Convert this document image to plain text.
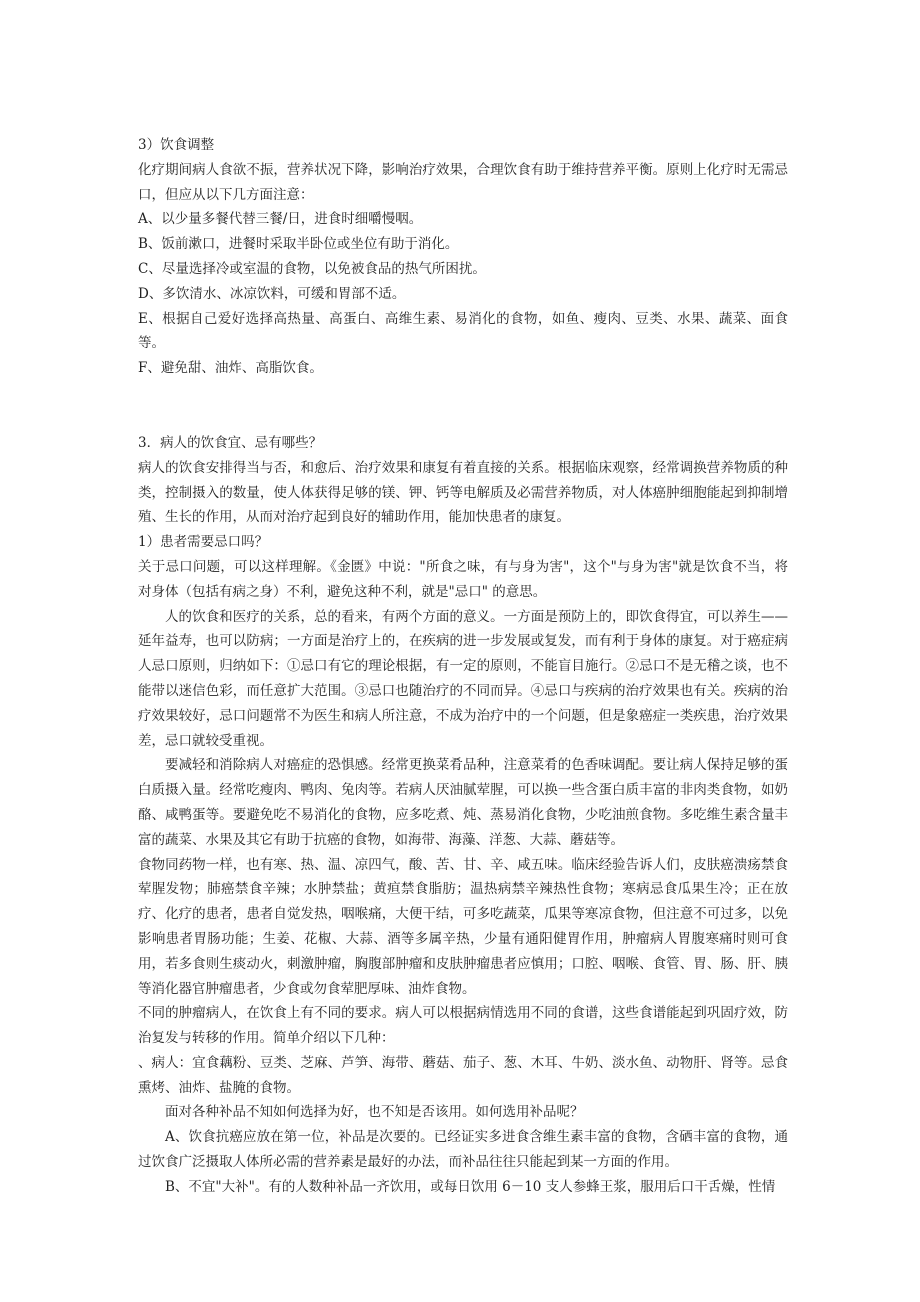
3）饮食调整

化疗期间病人食欲不振，营养状况下降，影响治疗效果，合理饮食有助于维持营养平衡。原则上化疗时无需忌口，但应从以下几方面注意：

A、以少量多餐代替三餐/日，进食时细嚼慢咽。

B、饭前漱口，进餐时采取半卧位或坐位有助于消化。

C、尽量选择冷或室温的食物，以免被食品的热气所困扰。

D、多饮清水、冰凉饮料，可缓和胃部不适。

E、根据自己爱好选择高热量、高蛋白、高维生素、易消化的食物，如鱼、瘦肉、豆类、水果、蔬菜、面食等。

F、避免甜、油炸、高脂饮食。

3．病人的饮食宜、忌有哪些？

病人的饮食安排得当与否，和愈后、治疗效果和康复有着直接的关系。根据临床观察，经常调换营养物质的种类，控制摄入的数量，使人体获得足够的镁、钾、钙等电解质及必需营养物质，对人体癌肿细胞能起到抑制增殖、生长的作用，从而对治疗起到良好的辅助作用，能加快患者的康复。

1）患者需要忌口吗？

关于忌口问题，可以这样理解。《金匮》中说："所食之味，有与身为害"，这个"与身为害"就是饮食不当，将对身体（包括有病之身）不利，避免这种不利，就是"忌口" 的意思。

人的饮食和医疗的关系，总的看来，有两个方面的意义。一方面是预防上的，即饮食得宜，可以养生——延年益寿，也可以防病；一方面是治疗上的，在疾病的进一步发展或复发，而有利于身体的康复。对于癌症病人忌口原则，归纳如下：①忌口有它的理论根据，有一定的原则，不能盲目施行。②忌口不是无稽之谈，也不能带以迷信色彩，而任意扩大范围。③忌口也随治疗的不同而异。④忌口与疾病的治疗效果也有关。疾病的治疗效果较好，忌口问题常不为医生和病人所注意，不成为治疗中的一个问题，但是象癌症一类疾患，治疗效果差，忌口就较受重视。

要减轻和消除病人对癌症的恐惧感。经常更换菜肴品种，注意菜肴的色香味调配。要让病人保持足够的蛋白质摄入量。经常吃瘦肉、鸭肉、兔肉等。若病人厌油腻荤腥，可以换一些含蛋白质丰富的非肉类食物，如奶酪、咸鸭蛋等。要避免吃不易消化的食物，应多吃煮、炖、蒸易消化食物，少吃油煎食物。多吃维生素含量丰富的蔬菜、水果及其它有助于抗癌的食物，如海带、海藻、洋葱、大蒜、蘑菇等。

食物同药物一样，也有寒、热、温、凉四气，酸、苦、甘、辛、咸五味。临床经验告诉人们，皮肤癌溃疡禁食荤腥发物；肺癌禁食辛辣；水肿禁盐；黄疸禁食脂肪；温热病禁辛辣热性食物；寒病忌食瓜果生冷；正在放疗、化疗的患者，患者自觉发热，咽喉痛，大便干结，可多吃蔬菜，瓜果等寒凉食物，但注意不可过多，以免影响患者胃肠功能；生姜、花椒、大蒜、酒等多属辛热，少量有通阳健胃作用，肿瘤病人胃腹寒痛时则可食用，若多食则生痰动火，刺激肿瘤，胸腹部肿瘤和皮肤肿瘤患者应慎用；口腔、咽喉、食管、胃、肠、肝、胰等消化器官肿瘤患者，少食或勿食荤肥厚味、油炸食物。

不同的肿瘤病人，在饮食上有不同的要求。病人可以根据病情选用不同的食谱，这些食谱能起到巩固疗效，防治复发与转移的作用。简单介绍以下几种：

、病人：宜食藕粉、豆类、芝麻、芦笋、海带、蘑菇、茄子、葱、木耳、牛奶、淡水鱼、动物肝、肾等。忌食熏烤、油炸、盐腌的食物。

面对各种补品不知如何选择为好，也不知是否该用。如何选用补品呢？

A、饮食抗癌应放在第一位，补品是次要的。已经证实多进食含维生素丰富的食物，含硒丰富的食物，通过饮食广泛摄取人体所必需的营养素是最好的办法，而补品往往只能起到某一方面的作用。

B、不宜"大补"。有的人数种补品一齐饮用，或每日饮用 6－10 支人参蜂王浆，服用后口干舌燥，性情
